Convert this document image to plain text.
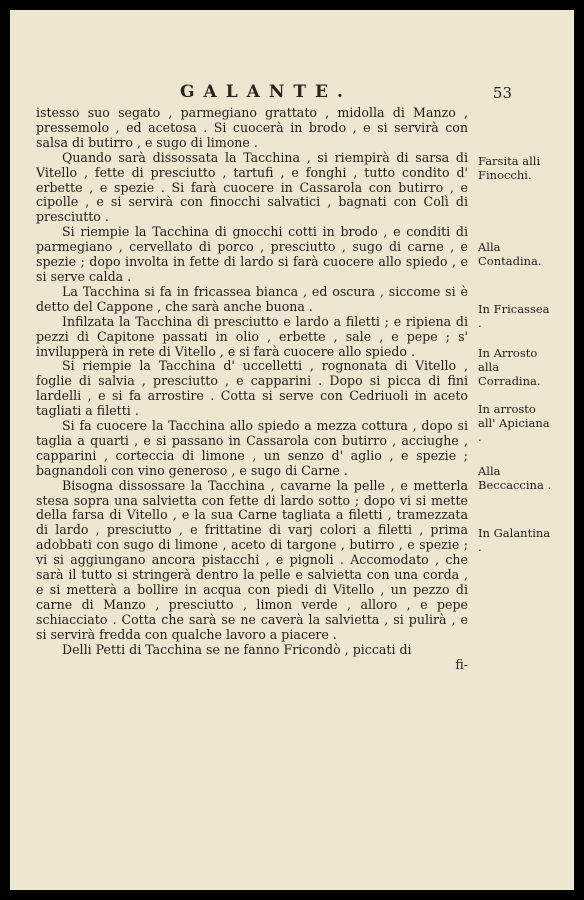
GALANTE.	53

istesso suo segato , parmegiano grattato , midolla di Manzo , pressemolo , ed acetosa . Si cuocerà in brodo , e si servirà con salsa di butirro , e sugo di limone .

Quando sarà dissossata la Tacchina , si riempirà di sarsa di Vitello , fette di presciutto , tartufi , e fonghi , tutto condito d' erbette , e spezie . Si farà cuocere in Cassarola con butirro , e cipolle , e si servirà con finocchi salvatici , bagnati con Colì di presciutto .

Si riempie la Tacchina di gnocchi cotti in brodo , e conditi di parmegiano , cervellato di porco , presciutto , sugo di carne , e spezie ; dopo involta in fette di lardo si farà cuocere allo spiedo , e si serve calda .

La Tacchina si fa in fricassea bianca , ed oscura , siccome si è detto del Cappone , che sarà anche buona .

Infilzata la Tacchina di presciutto e lardo a filetti ; e ripiena di pezzi di Capitone passati in olio , erbette , sale , e pepe ; s' invilupperà in rete di Vitello , e si farà cuocere allo spiedo .

Si riempie la Tacchina d' uccelletti , rognonata di Vitello , foglie di salvia , presciutto , e capparini . Dopo si picca di fini lardelli , e si fa arrostire . Cotta si serve con Cedriuoli in aceto tagliati a filetti .

Si fa cuocere la Tacchina allo spiedo a mezza cottura , dopo si taglia a quarti , e si passano in Cassarola con butirro , acciughe , capparini , corteccia di limone , un senzo d' aglio , e spezie ; bagnandoli con vino generoso , e sugo di Carne .

Bisogna dissossare la Tacchina , cavarne la pelle , e metterla stesa sopra una salvietta con fette di lardo sotto ; dopo vi si mette della farsa di Vitello , e la sua Carne tagliata a filetti , tramezzata di lardo , presciutto , e frittatine di varj colori a filetti , prima adobbati con sugo di limone , aceto di targone , butirro , e spezie ; vi si aggiungano ancora pistacchi , e pignoli . Accomodato , che sarà il tutto si stringerà dentro la pelle e salvietta con una corda , e si metterà a bollire in acqua con piedi di Vitello , un pezzo di carne di Manzo , presciutto , limon verde , alloro , e pepe schiacciato . Cotta che sarà se ne caverà la salvietta , si pulirà , e si servirà fredda con qualche lavoro a piacere .

Delli Petti di Tacchina se ne fanno Fricondò , piccati di

fi-

Farsita alli Finocchi.
Alla Contadina.
In Fricassea .
In Arrosto alla Corradina.
In arrosto all' Apiciana .
Alla Beccaccina .
In Galantina .
